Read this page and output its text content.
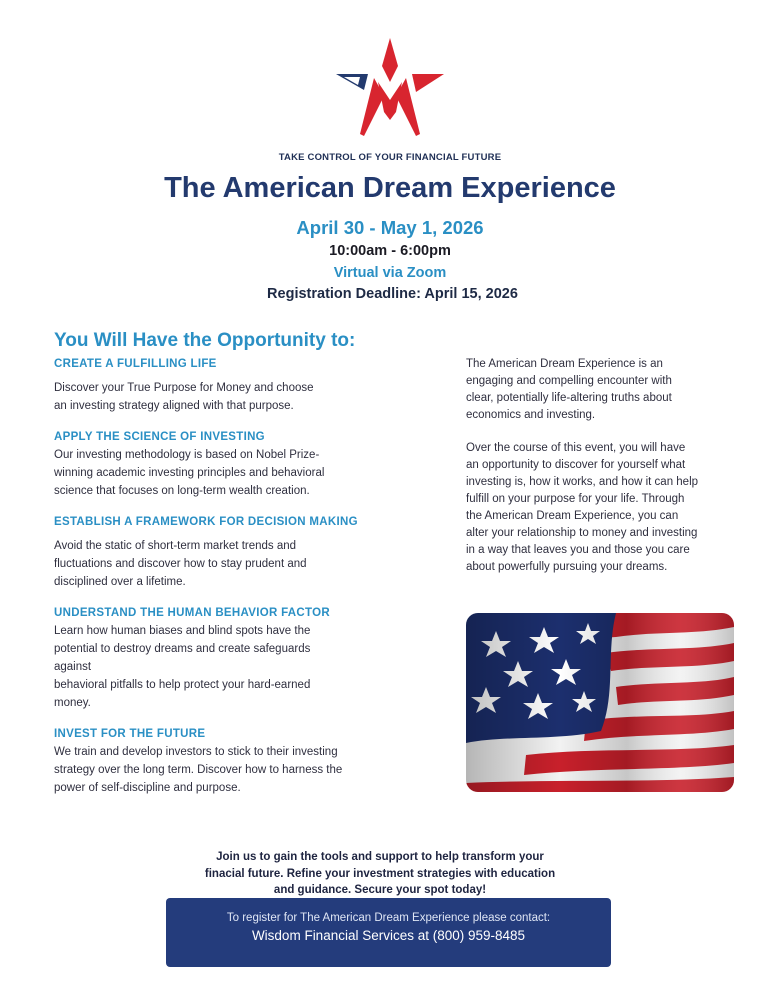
TAKE CONTROL OF YOUR FINANCIAL FUTURE
The American Dream Experience
April 30 - May 1, 2026
10:00am - 6:00pm
Virtual via Zoom
Registration Deadline: April 15, 2026
You Will Have the Opportunity to:
CREATE A FULFILLING LIFE
Discover your True Purpose for Money and choose
an investing strategy aligned with that purpose.
APPLY THE SCIENCE OF INVESTING
Our investing methodology is based on Nobel Prize-
winning academic investing principles and behavioral
science that focuses on long-term wealth creation.
ESTABLISH A FRAMEWORK FOR DECISION MAKING
Avoid the static of short-term market trends and
fluctuations and discover how to stay prudent and
disciplined over a lifetime.
UNDERSTAND THE HUMAN BEHAVIOR FACTOR
Learn how human biases and blind spots have the
potential to destroy dreams and create safeguards
against
behavioral pitfalls to help protect your hard-earned
money.
INVEST FOR THE FUTURE
We train and develop investors to stick to their investing
strategy over the long term. Discover how to harness the
power of self-discipline and purpose.

The American Dream Experience is an
engaging and compelling encounter with
clear, potentially life-altering truths about
economics and investing.

Over the course of this event, you will have
an opportunity to discover for yourself what
investing is, how it works, and how it can help
fulfill on your purpose for your life. Through
the American Dream Experience, you can
alter your relationship to money and investing
in a way that leaves you and those you care
about powerfully pursuing your dreams.

Join us to gain the tools and support to help transform your
finacial future. Refine your investment strategies with education
and guidance. Secure your spot today!
To register for The American Dream Experience please contact:
Wisdom Financial Services at (800) 959-8485
